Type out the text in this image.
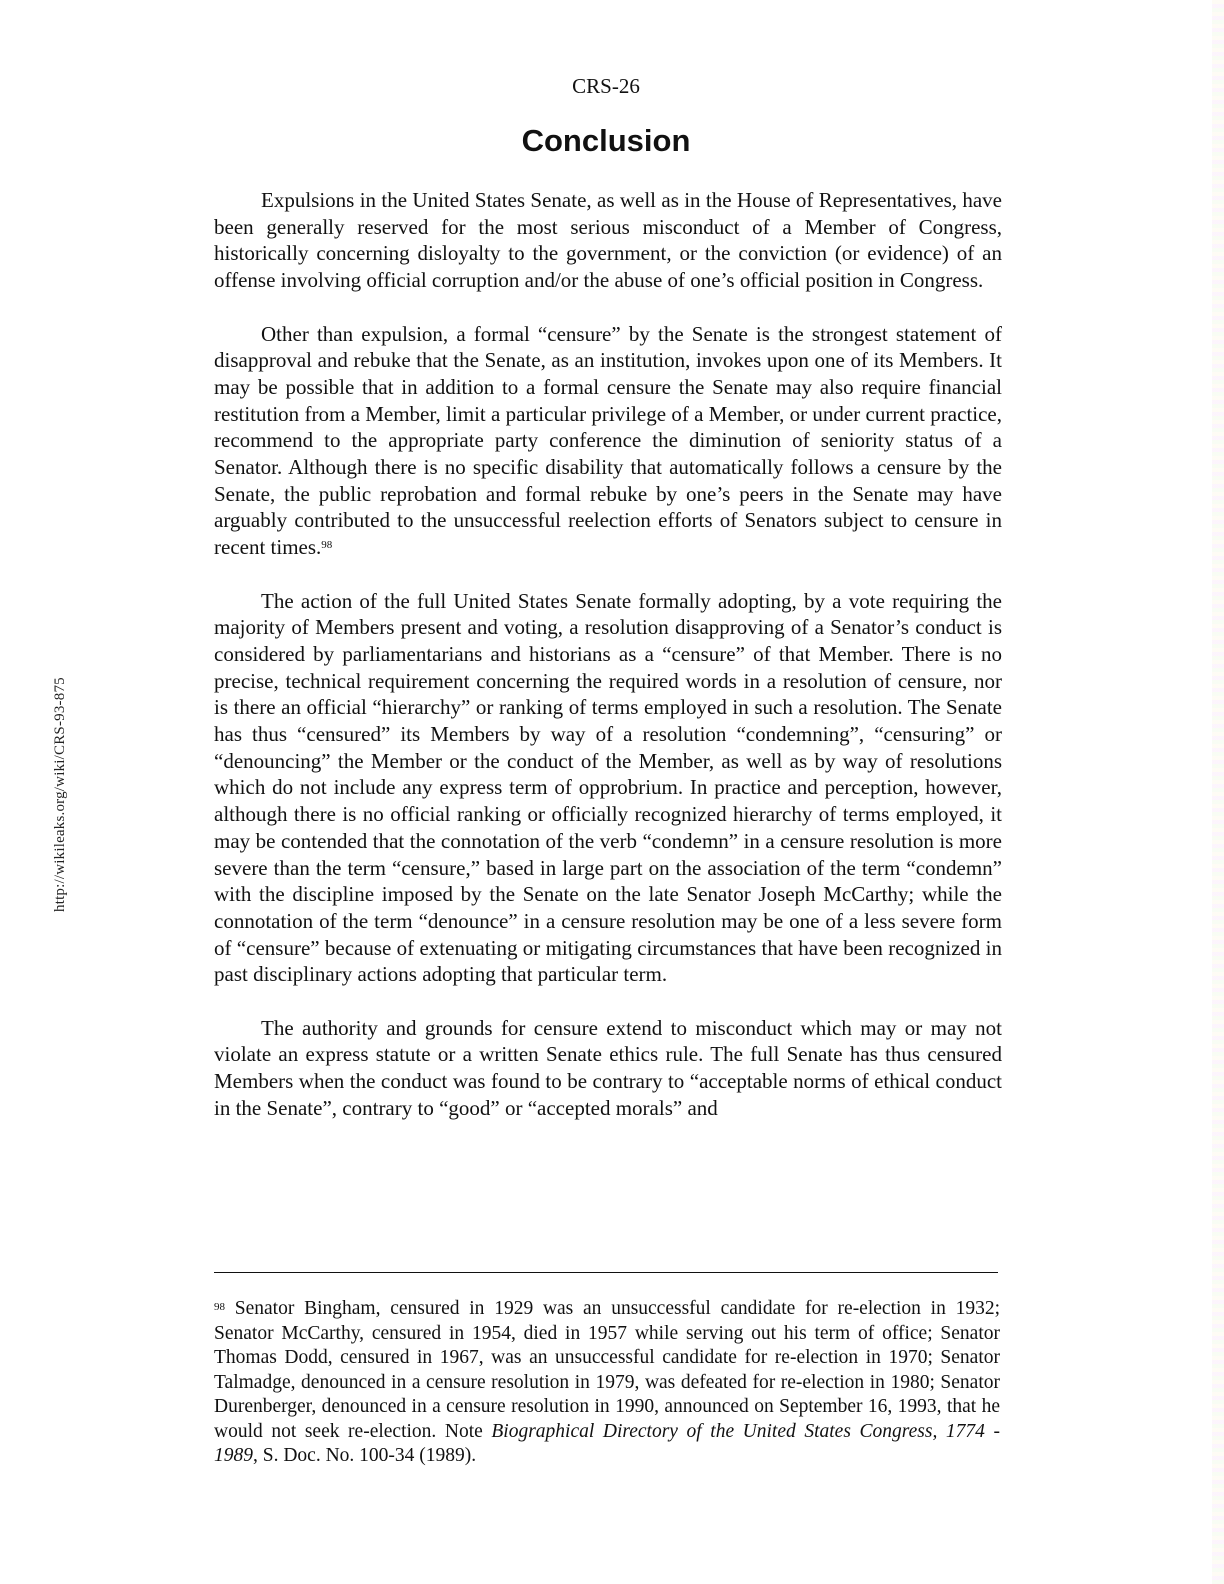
http://wikileaks.org/wiki/CRS-93-875
CRS-26
Conclusion

Expulsions in the United States Senate, as well as in the House of Representatives, have been generally reserved for the most serious misconduct of a Member of Congress, historically concerning disloyalty to the government, or the conviction (or evidence) of an offense involving official corruption and/or the abuse of one’s official position in Congress.

Other than expulsion, a formal “censure” by the Senate is the strongest statement of disapproval and rebuke that the Senate, as an institution, invokes upon one of its Members. It may be possible that in addition to a formal censure the Senate may also require financial restitution from a Member, limit a particular privilege of a Member, or under current practice, recommend to the appropriate party conference the diminution of seniority status of a Senator. Although there is no specific disability that automatically follows a censure by the Senate, the public reprobation and formal rebuke by one’s peers in the Senate may have arguably contributed to the unsuccessful reelection efforts of Senators subject to censure in recent times.$^{98}$

The action of the full United States Senate formally adopting, by a vote requiring the majority of Members present and voting, a resolution disapproving of a Senator’s conduct is considered by parliamentarians and historians as a “censure” of that Member. There is no precise, technical requirement concerning the required words in a resolution of censure, nor is there an official “hierarchy” or ranking of terms employed in such a resolution. The Senate has thus “censured” its Members by way of a resolution “condemning”, “censuring” or “denouncing” the Member or the conduct of the Member, as well as by way of resolutions which do not include any express term of opprobrium. In practice and perception, however, although there is no official ranking or officially recognized hierarchy of terms employed, it may be contended that the connotation of the verb “condemn” in a censure resolution is more severe than the term “censure,” based in large part on the association of the term “condemn” with the discipline imposed by the Senate on the late Senator Joseph McCarthy; while the connotation of the term “denounce” in a censure resolution may be one of a less severe form of “censure” because of extenuating or mitigating circumstances that have been recognized in past disciplinary actions adopting that particular term.

The authority and grounds for censure extend to misconduct which may or may not violate an express statute or a written Senate ethics rule. The full Senate has thus censured Members when the conduct was found to be contrary to “acceptable norms of ethical conduct in the Senate”, contrary to “good” or “accepted morals” and

$^{98}$ Senator Bingham, censured in 1929 was an unsuccessful candidate for re-election in 1932; Senator McCarthy, censured in 1954, died in 1957 while serving out his term of office; Senator Thomas Dodd, censured in 1967, was an unsuccessful candidate for re-election in 1970; Senator Talmadge, denounced in a censure resolution in 1979, was defeated for re-election in 1980; Senator Durenberger, denounced in a censure resolution in 1990, announced on September 16, 1993, that he would not seek re-election. Note Biographical Directory of the United States Congress, 1774 - 1989, S. Doc. No. 100-34 (1989).
